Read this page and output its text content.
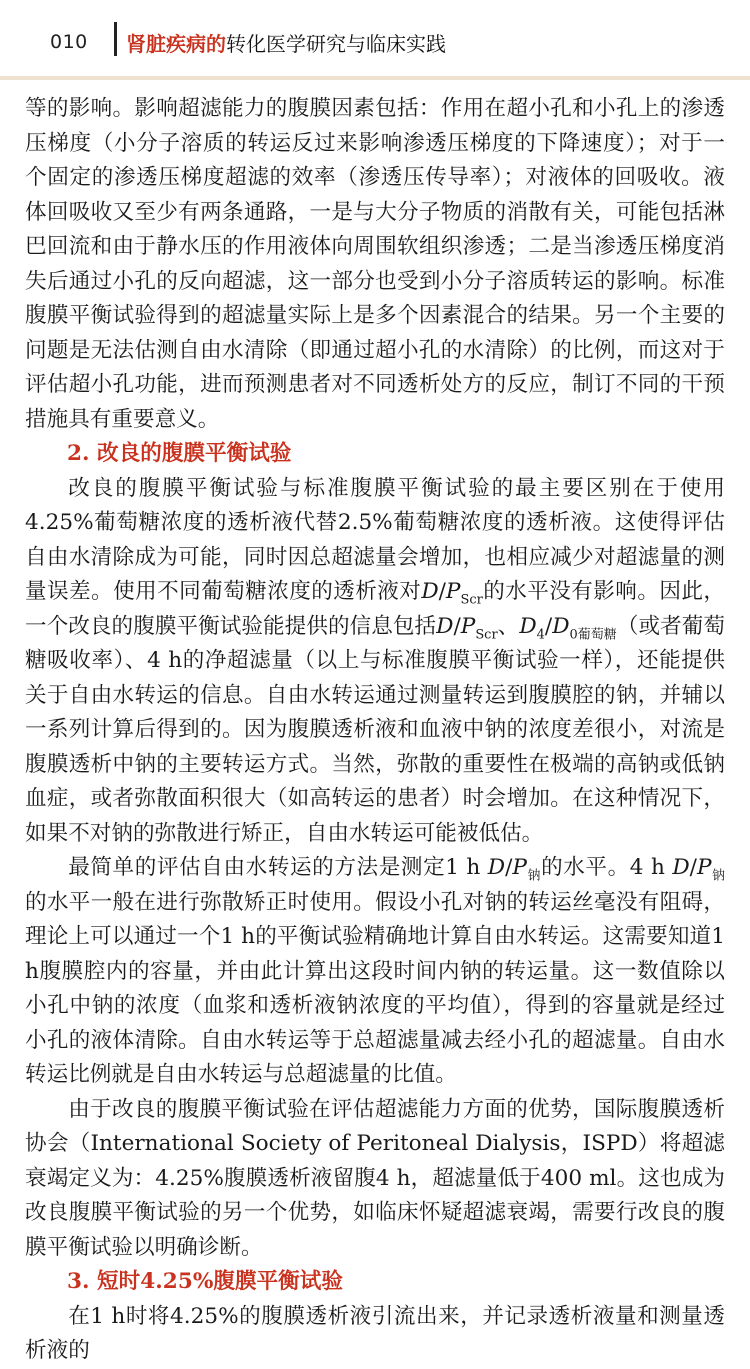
010 肾脏疾病的转化医学研究与临床实践

等的影响。影响超滤能力的腹膜因素包括：作用在超小孔和小孔上的渗透压梯度（小分子溶质的转运反过来影响渗透压梯度的下降速度）；对于一个固定的渗透压梯度超滤的效率（渗透压传导率）；对液体的回吸收。液体回吸收又至少有两条通路，一是与大分子物质的消散有关，可能包括淋巴回流和由于静水压的作用液体向周围软组织渗透；二是当渗透压梯度消失后通过小孔的反向超滤，这一部分也受到小分子溶质转运的影响。标准腹膜平衡试验得到的超滤量实际上是多个因素混合的结果。另一个主要的问题是无法估测自由水清除（即通过超小孔的水清除）的比例，而这对于评估超小孔功能，进而预测患者对不同透析处方的反应，制订不同的干预措施具有重要意义。

2. 改良的腹膜平衡试验

改良的腹膜平衡试验与标准腹膜平衡试验的最主要区别在于使用4.25%葡萄糖浓度的透析液代替2.5%葡萄糖浓度的透析液。这使得评估自由水清除成为可能，同时因总超滤量会增加，也相应减少对超滤量的测量误差。使用不同葡萄糖浓度的透析液对$D/P_{Scr}$的水平没有影响。因此，一个改良的腹膜平衡试验能提供的信息包括$D/P_{Scr}$、$D_4/D_{0葡萄糖}$（或者葡萄糖吸收率）、4 h的净超滤量（以上与标准腹膜平衡试验一样），还能提供关于自由水转运的信息。自由水转运通过测量转运到腹膜腔的钠，并辅以一系列计算后得到的。因为腹膜透析液和血液中钠的浓度差很小，对流是腹膜透析中钠的主要转运方式。当然，弥散的重要性在极端的高钠或低钠血症，或者弥散面积很大（如高转运的患者）时会增加。在这种情况下，如果不对钠的弥散进行矫正，自由水转运可能被低估。

最简单的评估自由水转运的方法是测定1 h $D/P_钠$的水平。4 h $D/P_钠$的水平一般在进行弥散矫正时使用。假设小孔对钠的转运丝毫没有阻碍，理论上可以通过一个1 h的平衡试验精确地计算自由水转运。这需要知道1 h腹膜腔内的容量，并由此计算出这段时间内钠的转运量。这一数值除以小孔中钠的浓度（血浆和透析液钠浓度的平均值），得到的容量就是经过小孔的液体清除。自由水转运等于总超滤量减去经小孔的超滤量。自由水转运比例就是自由水转运与总超滤量的比值。

由于改良的腹膜平衡试验在评估超滤能力方面的优势，国际腹膜透析协会（International Society of Peritoneal Dialysis，ISPD）将超滤衰竭定义为：4.25%腹膜透析液留腹4 h，超滤量低于400 ml。这也成为改良腹膜平衡试验的另一个优势，如临床怀疑超滤衰竭，需要行改良的腹膜平衡试验以明确诊断。

3. 短时4.25%腹膜平衡试验

在1 h时将4.25%的腹膜透析液引流出来，并记录透析液量和测量透析液的
